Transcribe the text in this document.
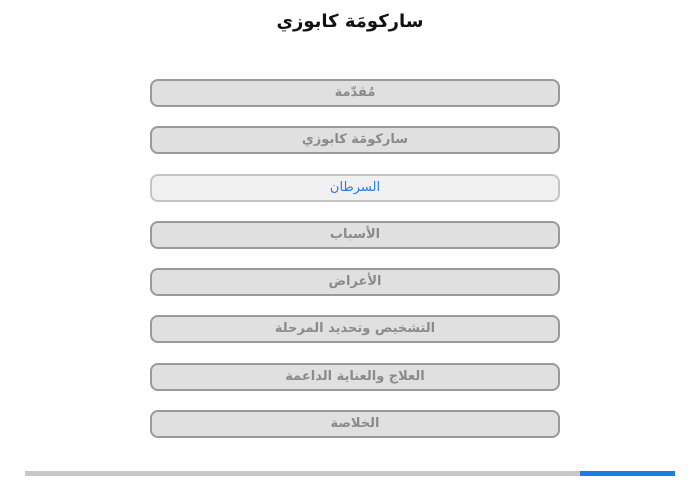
ساركومَة كابوزي
مُقدّمة
ساركومَة كابوزي
السرطان
الأسباب
الأعراض
التشخيص وتحديد المرحلة
العلاج والعناية الداعمة
الخلاصة
